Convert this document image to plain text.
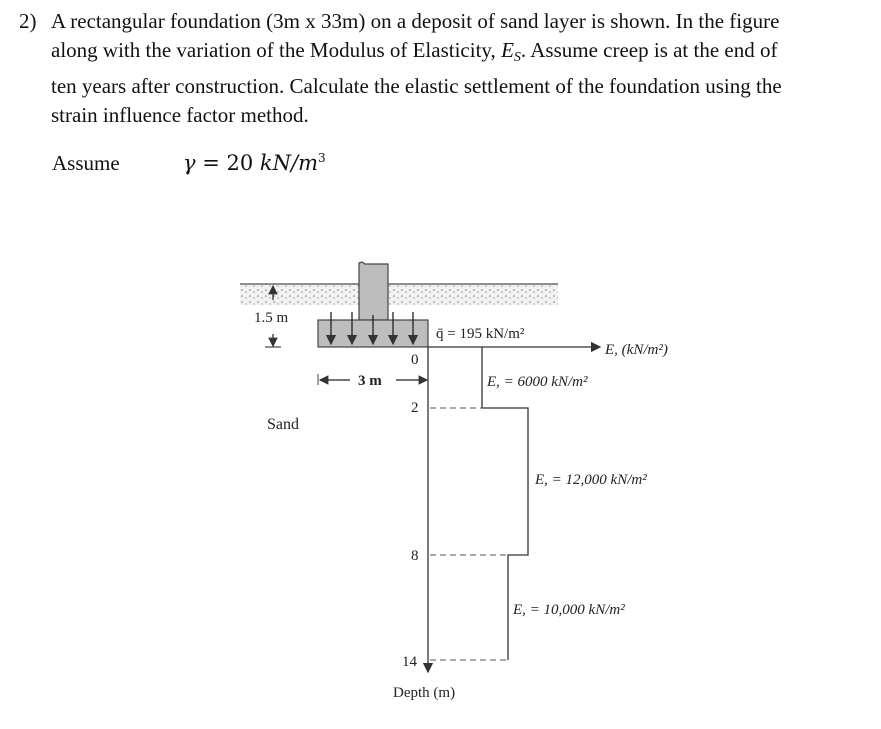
2) A rectangular foundation (3m x 33m) on a deposit of sand layer is shown. In the figure
along with the variation of the Modulus of Elasticity, $E_S$. Assume creep is at the end of
ten years after construction. Calculate the elastic settlement of the foundation using the
strain influence factor method.
Assume	γ = 20 $kN/m^3$
1.5 m
3 m
Sand
q̄ = 195 kN/m²
E, (kN/m²)
Depth (m)
0
2
8
14
E, = 6000 kN/m²
E, = 12,000 kN/m²
E, = 10,000 kN/m²
